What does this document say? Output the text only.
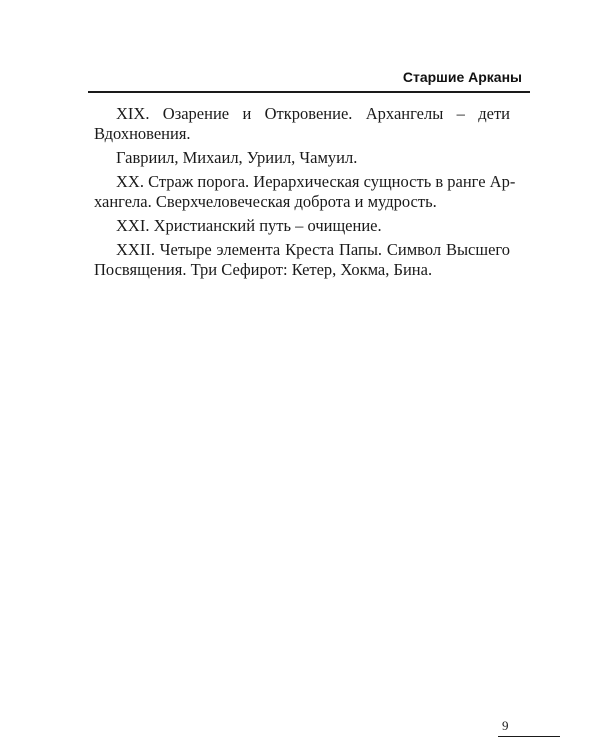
Старшие Арканы

XIX. Озарение и Откровение. Архангелы – дети
Вдохновения.

Гавриил, Михаил, Уриил, Чамуил.

XX. Страж порога. Иерархическая сущность в ранге Ар-
хангела. Сверхчеловеческая доброта и мудрость.

XXI. Христианский путь – очищение.

XXII. Четыре элемента Креста Папы. Символ Высшего
Посвящения. Три Сефирот: Кетер, Хокма, Бина.

9
